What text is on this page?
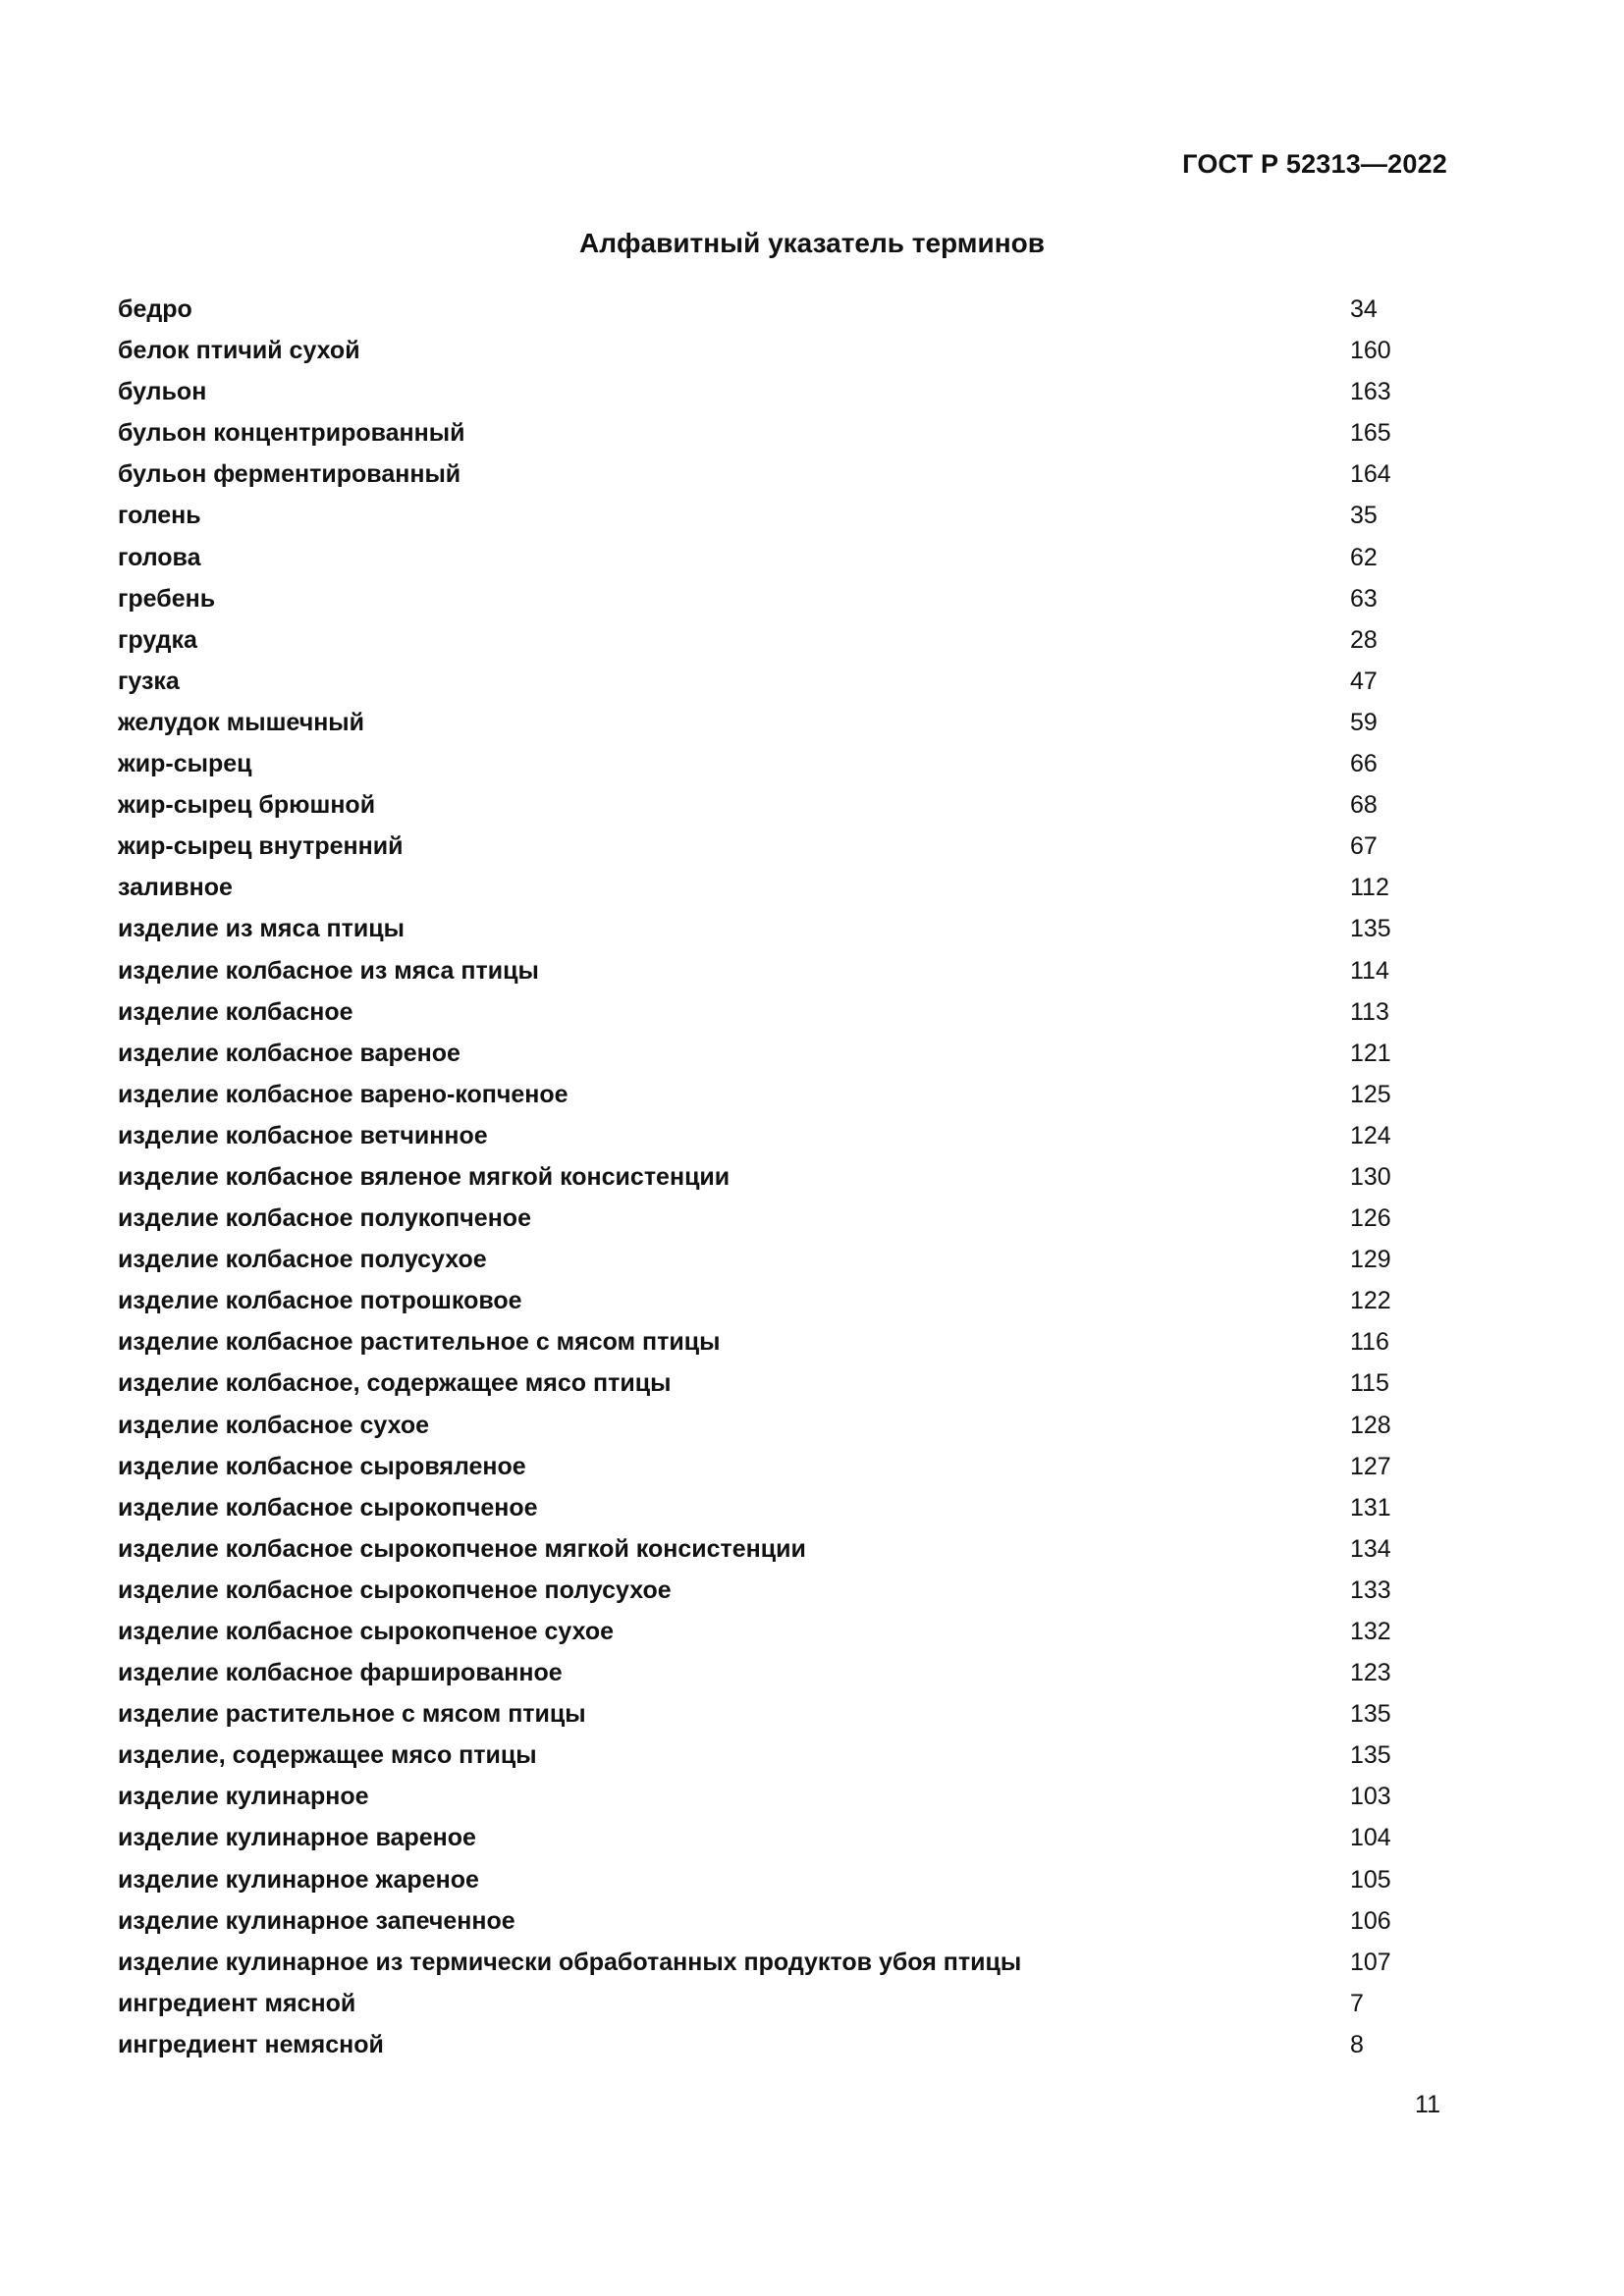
ГОСТ Р 52313—2022
Алфавитный указатель терминов
бедро	34
белок птичий сухой	160
бульон	163
бульон концентрированный	165
бульон ферментированный	164
голень	35
голова	62
гребень	63
грудка	28
гузка	47
желудок мышечный	59
жир-сырец	66
жир-сырец брюшной	68
жир-сырец внутренний	67
заливное	112
изделие из мяса птицы	135
изделие колбасное из мяса птицы	114
изделие колбасное	113
изделие колбасное вареное	121
изделие колбасное варено-копченое	125
изделие колбасное ветчинное	124
изделие колбасное вяленое мягкой консистенции	130
изделие колбасное полукопченое	126
изделие колбасное полусухое	129
изделие колбасное потрошковое	122
изделие колбасное растительное с мясом птицы	116
изделие колбасное, содержащее мясо птицы	115
изделие колбасное сухое	128
изделие колбасное сыровяленое	127
изделие колбасное сырокопченое	131
изделие колбасное сырокопченое мягкой консистенции	134
изделие колбасное сырокопченое полусухое	133
изделие колбасное сырокопченое сухое	132
изделие колбасное фаршированное	123
изделие растительное с мясом птицы	135
изделие, содержащее мясо птицы	135
изделие кулинарное	103
изделие кулинарное вареное	104
изделие кулинарное жареное	105
изделие кулинарное запеченное	106
изделие кулинарное из термически обработанных продуктов убоя птицы	107
ингредиент мясной	7
ингредиент немясной	8
11
